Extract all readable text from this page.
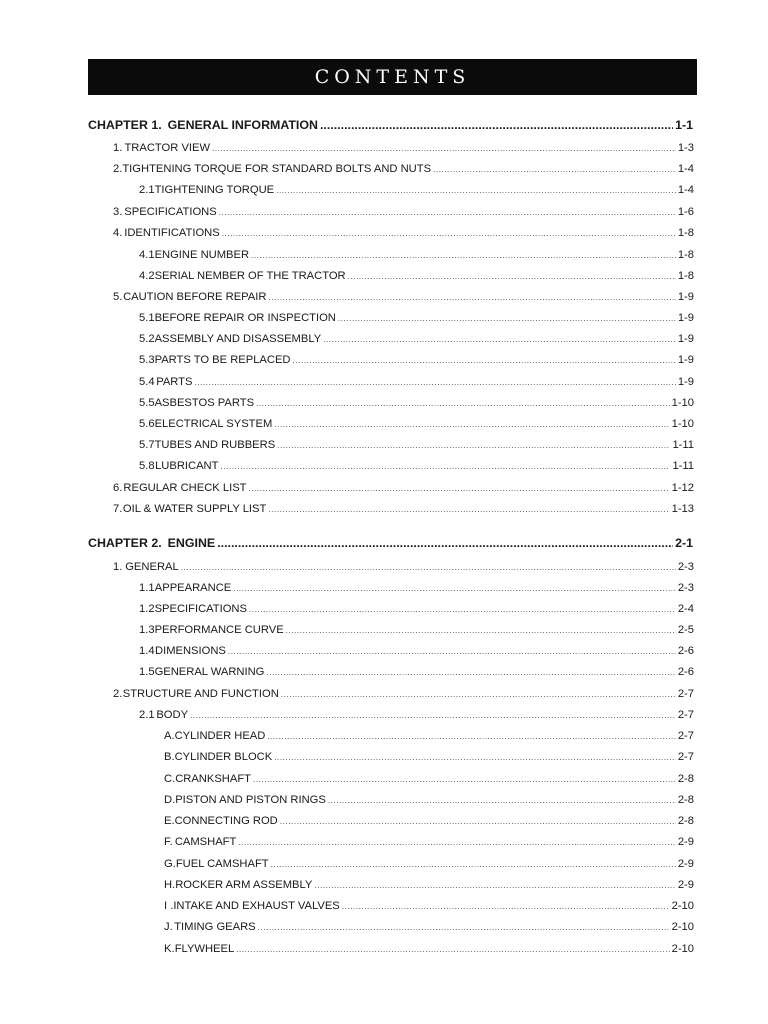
CONTENTS
CHAPTER 1. GENERAL INFORMATION .....	1-1
1. TRACTOR VIEW .....	1-3
2. TIGHTENING TORQUE FOR STANDARD BOLTS AND NUTS .....	1-4
2.1 TIGHTENING TORQUE .....	1-4
3. SPECIFICATIONS .....	1-6
4. IDENTIFICATIONS .....	1-8
4.1 ENGINE NUMBER .....	1-8
4.2 SERIAL NEMBER OF THE TRACTOR .....	1-8
5. CAUTION BEFORE REPAIR .....	1-9
5.1 BEFORE REPAIR OR INSPECTION .....	1-9
5.2 ASSEMBLY AND DISASSEMBLY .....	1-9
5.3 PARTS TO BE REPLACED .....	1-9
5.4 PARTS .....	1-9
5.5 ASBESTOS PARTS .....	1-10
5.6 ELECTRICAL SYSTEM .....	1-10
5.7 TUBES AND RUBBERS .....	1-11
5.8 LUBRICANT .....	1-11
6. REGULAR CHECK LIST .....	1-12
7. OIL & WATER SUPPLY LIST .....	1-13
CHAPTER 2. ENGINE .....	2-1
1. GENERAL .....	2-3
1.1 APPEARANCE .....	2-3
1.2 SPECIFICATIONS .....	2-4
1.3 PERFORMANCE CURVE .....	2-5
1.4 DIMENSIONS .....	2-6
1.5 GENERAL WARNING .....	2-6
2. STRUCTURE AND FUNCTION .....	2-7
2.1 BODY .....	2-7
A. CYLINDER HEAD .....	2-7
B. CYLINDER BLOCK .....	2-7
C. CRANKSHAFT .....	2-8
D. PISTON AND PISTON RINGS .....	2-8
E. CONNECTING ROD .....	2-8
F. CAMSHAFT .....	2-9
G. FUEL CAMSHAFT .....	2-9
H. ROCKER ARM ASSEMBLY .....	2-9
I . INTAKE AND EXHAUST VALVES .....	2-10
J. TIMING GEARS .....	2-10
K. FLYWHEEL .....	2-10
